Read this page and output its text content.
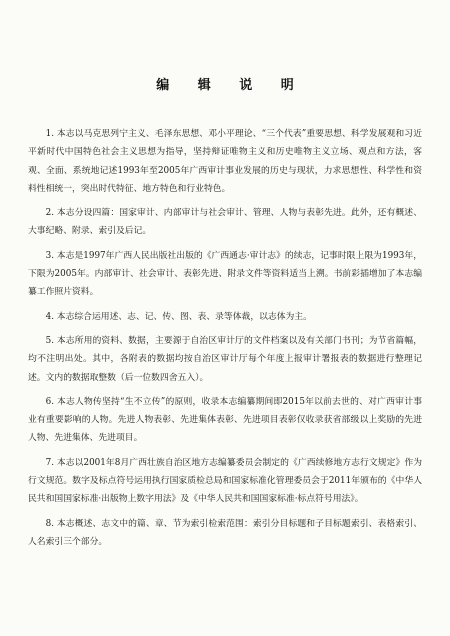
编 辑 说 明

1. 本志以马克思列宁主义、毛泽东思想、邓小平理论、“三个代表”重要思想、科学发展观和习近平新时代中国特色社会主义思想为指导，坚持辩证唯物主义和历史唯物主义立场、观点和方法，客观、全面、系统地记述1993年至2005年广西审计事业发展的历史与现状，力求思想性、科学性和资料性相统一，突出时代特征、地方特色和行业特色。

2. 本志分设四篇：国家审计、内部审计与社会审计、管理、人物与表彰先进。此外，还有概述、大事纪略、附录、索引及后记。

3. 本志是1997年广西人民出版社出版的《广西通志·审计志》的续志，记事时限上限为1993年，下限为2005年。内部审计、社会审计、表彰先进、附录文件等资料适当上溯。书前彩插增加了本志编纂工作照片资料。

4. 本志综合运用述、志、记、传、图、表、录等体裁，以志体为主。

5. 本志所用的资料、数据，主要源于自治区审计厅的文件档案以及有关部门书刊；为节省篇幅，均不注明出处。其中，各附表的数据均按自治区审计厅每个年度上报审计署报表的数据进行整理记述。文内的数据取整数（后一位数四舍五入）。

6. 本志人物传坚持“生不立传”的原则，收录本志编纂期间即2015年以前去世的、对广西审计事业有重要影响的人物。先进人物表彰、先进集体表彰、先进项目表彰仅收录获省部级以上奖励的先进人物、先进集体、先进项目。

7. 本志以2001年8月广西壮族自治区地方志编纂委员会制定的《广西续修地方志行文规定》作为行文规范。数字及标点符号运用执行国家质检总局和国家标准化管理委员会于2011年颁布的《中华人民共和国国家标准·出版物上数字用法》及《中华人民共和国国家标准·标点符号用法》。

8. 本志概述、志文中的篇、章、节为索引检索范围：索引分目标题和子目标题索引、表格索引、人名索引三个部分。
